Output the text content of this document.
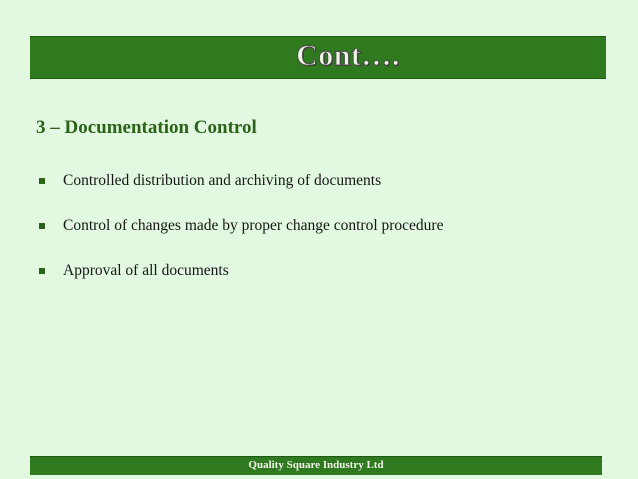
Cont….
3 – Documentation Control
Controlled distribution and archiving of documents
Control of changes made by proper change control procedure
Approval of all documents
Quality Square Industry Ltd
